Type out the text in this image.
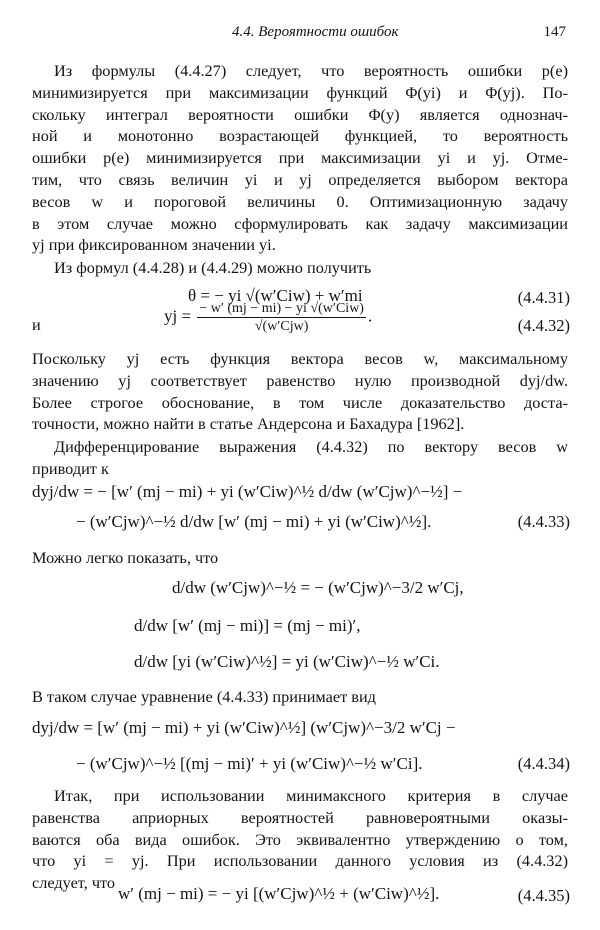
4.4. Вероятности ошибок	147
Из формулы (4.4.27) следует, что вероятность ошибки p(e)
минимизируется при максимизации функций Φ(yi) и Φ(yj). По-
скольку интеграл вероятности ошибки Φ(y) является однознач-
ной и монотонно возрастающей функцией, то вероятность
ошибки p(e) минимизируется при максимизации yi и yj. Отме-
тим, что связь величин yi и yj определяется выбором вектора
весов w и пороговой величины 0. Оптимизационную задачу
в этом случае можно сформулировать как задачу максимизации
yj при фиксированном значении yi.
Из формул (4.4.28) и (4.4.29) можно получить
θ = − yi √(w′Ciw) + w′mi	(4.4.31)
и	yj = $\frac{\text{− w′ (mj − mi) − yi √(w′Ciw)}}{\text{√(w′Cjw)}}$ .
(4.4.32)
Поскольку yj есть функция вектора весов w, максимальному
значению yj соответствует равенство нулю производной dyj/dw.
Более строгое обоснование, в том числе доказательство доста-
точности, можно найти в статье Андерсона и Бахадура [1962].
Дифференцирование выражения (4.4.32) по вектору весов w
приводит к
dyj/dw = − [w′ (mj − mi) + yi (w′Ciw)^½ d/dw (w′Cjw)^−½] −
− (w′Cjw)^−½ d/dw [w′ (mj − mi) + yi (w′Ciw)^½].	(4.4.33)
Можно легко показать, что
d/dw (w′Cjw)^−½ = − (w′Cjw)^−3/2 w′Cj,
d/dw [w′ (mj − mi)] = (mj − mi)′,
d/dw [yi (w′Ciw)^½] = yi (w′Ciw)^−½ w′Ci.
В таком случае уравнение (4.4.33) принимает вид
dyj/dw = [w′ (mj − mi) + yi (w′Ciw)^½] (w′Cjw)^−3/2 w′Cj −
− (w′Cjw)^−½ [(mj − mi)′ + yi (w′Ciw)^−½ w′Ci].	(4.4.34)
Итак, при использовании минимаксного критерия в случае
равенства априорных вероятностей равновероятными оказы-
ваются оба вида ошибок. Это эквивалентно утверждению о том,
что yi = yj. При использовании данного условия из (4.4.32)
следует, что
w′ (mj − mi) = − yi [(w′Cjw)^½ + (w′Ciw)^½].	(4.4.35)
